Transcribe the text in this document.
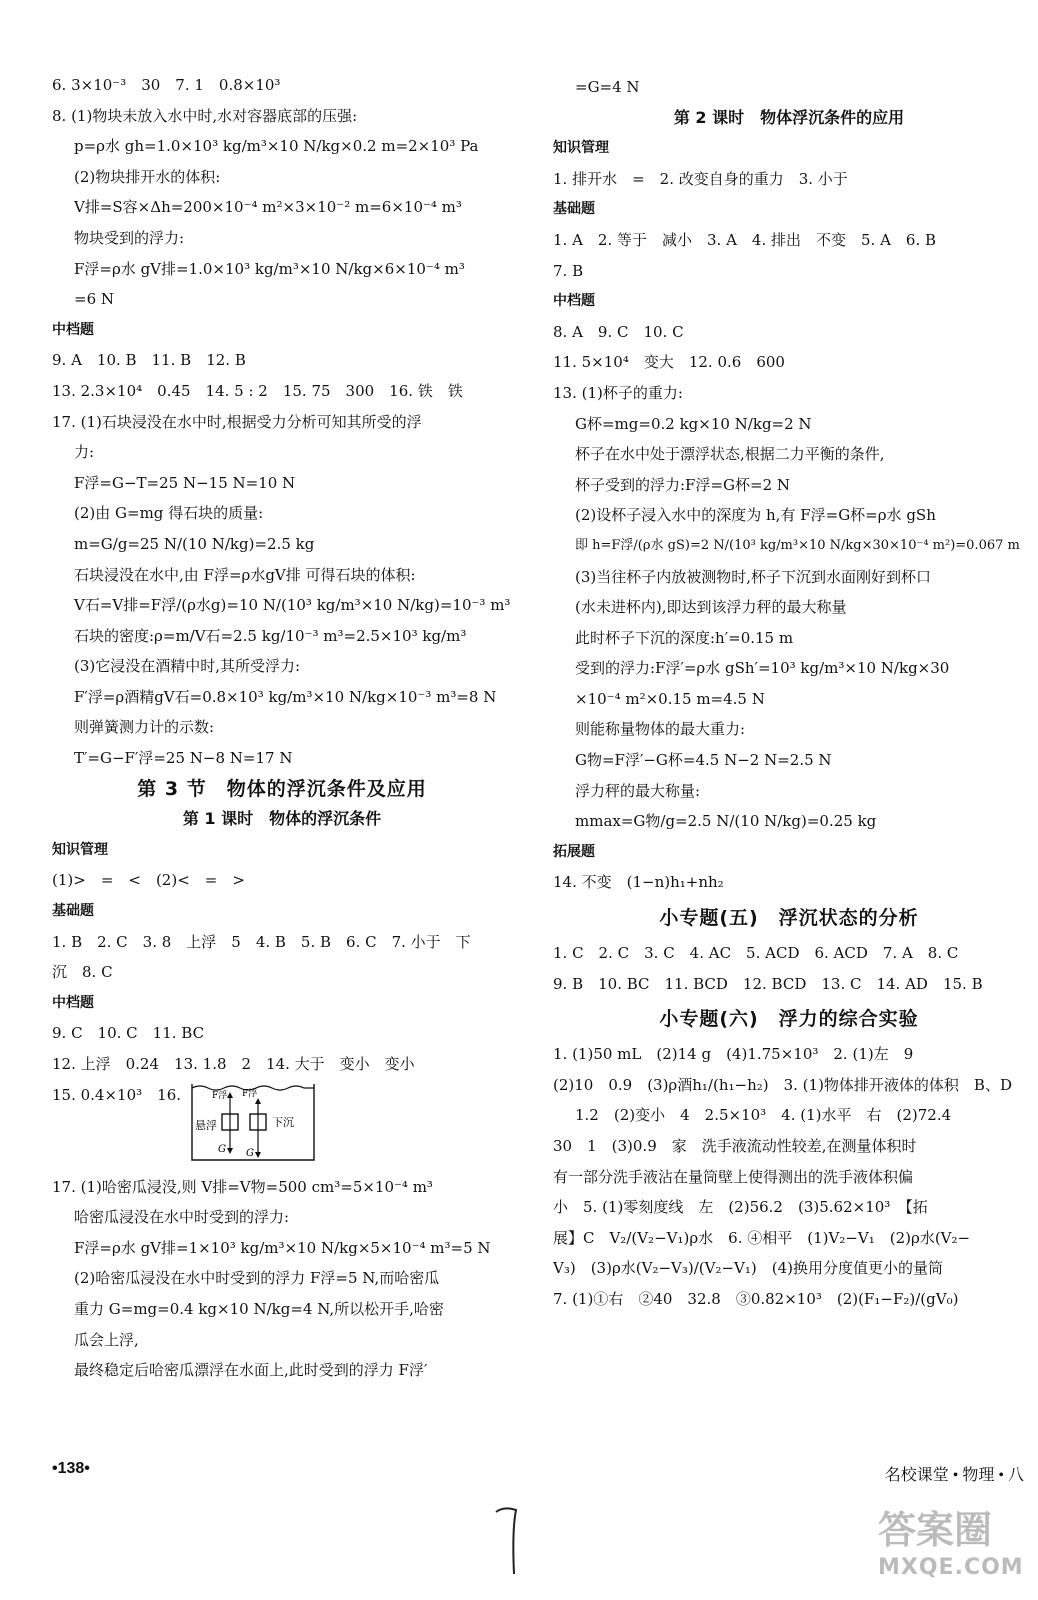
6. 3×10⁻³　30　7. 1　0.8×10³
8. (1)物块未放入水中时,水对容器底部的压强:
p=ρ水 gh=1.0×10³ kg/m³×10 N/kg×0.2 m=2×10³ Pa
(2)物块排开水的体积:
V排=S容×Δh=200×10⁻⁴ m²×3×10⁻² m=6×10⁻⁴ m³
物块受到的浮力:
F浮=ρ水 gV排=1.0×10³ kg/m³×10 N/kg×6×10⁻⁴ m³
=6 N
中档题
9. A　10. B　11. B　12. B
13. 2.3×10⁴　0.45　14. 5 : 2　15. 75　300　16. 铁　铁
17. (1)石块浸没在水中时,根据受力分析可知其所受的浮
力:
F浮=G−T=25 N−15 N=10 N
(2)由 G=mg 得石块的质量:
m=G/g=25 N/(10 N/kg)=2.5 kg
石块浸没在水中,由 F浮=ρ水gV排 可得石块的体积:
V石=V排=F浮/(ρ水g)=10 N/(10³ kg/m³×10 N/kg)=10⁻³ m³
石块的密度:ρ=m/V石=2.5 kg/10⁻³ m³=2.5×10³ kg/m³
(3)它浸没在酒精中时,其所受浮力:
F′浮=ρ酒精gV石=0.8×10³ kg/m³×10 N/kg×10⁻³ m³=8 N
则弹簧测力计的示数:
T′=G−F′浮=25 N−8 N=17 N
第 3 节　物体的浮沉条件及应用
第 1 课时　物体的浮沉条件
知识管理
(1)>　=　<　(2)<　=　>
基础题
1. B　2. C　3. 8　上浮　5　4. B　5. B　6. C　7. 小于　下
沉　8. C
中档题
9. C　10. C　11. BC
12. 上浮　0.24　13. 1.8　2　14. 大于　变小　变小
15. 0.4×10³　16.	F浮 F浮
悬浮	下沉
G G
17. (1)哈密瓜浸没,则 V排=V物=500 cm³=5×10⁻⁴ m³
哈密瓜浸没在水中时受到的浮力:
F浮=ρ水 gV排=1×10³ kg/m³×10 N/kg×5×10⁻⁴ m³=5 N
(2)哈密瓜浸没在水中时受到的浮力 F浮=5 N,而哈密瓜
重力 G=mg=0.4 kg×10 N/kg=4 N,所以松开手,哈密
瓜会上浮,
最终稳定后哈密瓜漂浮在水面上,此时受到的浮力 F浮′
=G=4 N
第 2 课时　物体浮沉条件的应用
知识管理
1. 排开水　=　2. 改变自身的重力　3. 小于
基础题
1. A　2. 等于　减小　3. A　4. 排出　不变　5. A　6. B
7. B
中档题
8. A　9. C　10. C
11. 5×10⁴　变大　12. 0.6　600
13. (1)杯子的重力:
G杯=mg=0.2 kg×10 N/kg=2 N
杯子在水中处于漂浮状态,根据二力平衡的条件,
杯子受到的浮力:F浮=G杯=2 N
(2)设杯子浸入水中的深度为 h,有 F浮=G杯=ρ水 gSh
即 h=F浮/(ρ水 gS)=2 N/(10³ kg/m³×10 N/kg×30×10⁻⁴ m²)=0.067 m
(3)当往杯子内放被测物时,杯子下沉到水面刚好到杯口
(水未进杯内),即达到该浮力秤的最大称量
此时杯子下沉的深度:h′=0.15 m
受到的浮力:F浮′=ρ水 gSh′=10³ kg/m³×10 N/kg×30
×10⁻⁴ m²×0.15 m=4.5 N
则能称量物体的最大重力:
G物=F浮′−G杯=4.5 N−2 N=2.5 N
浮力秤的最大称量:
mmax=G物/g=2.5 N/(10 N/kg)=0.25 kg
拓展题
14. 不变　(1−n)h₁+nh₂
小专题(五)　浮沉状态的分析
1. C　2. C　3. C　4. AC　5. ACD　6. ACD　7. A　8. C
9. B　10. BC　11. BCD　12. BCD　13. C　14. AD　15. B
小专题(六)　浮力的综合实验
1. (1)50 mL　(2)14 g　(4)1.75×10³　2. (1)左　9
(2)10　0.9　(3)ρ酒h₁/(h₁−h₂)　3. (1)物体排开液体的体积　B、D
1.2　(2)变小　4　2.5×10³　4. (1)水平　右　(2)72.4
30　1　(3)0.9　家　洗手液流动性较差,在测量体积时
有一部分洗手液沾在量筒壁上使得测出的洗手液体积偏
小　5. (1)零刻度线　左　(2)56.2　(3)5.62×10³　【拓
展】C　V₂/(V₂−V₁)ρ水　6. ④相平　(1)V₂−V₁　(2)ρ水(V₂−
V₃)　(3)ρ水(V₂−V₃)/(V₂−V₁)　(4)换用分度值更小的量筒
7. (1)①右　②40　32.8　③0.82×10³　(2)(F₁−F₂)/(gV₀)
•138•	名校课堂 • 物理 • 八
答案圈
MXQE.COM
